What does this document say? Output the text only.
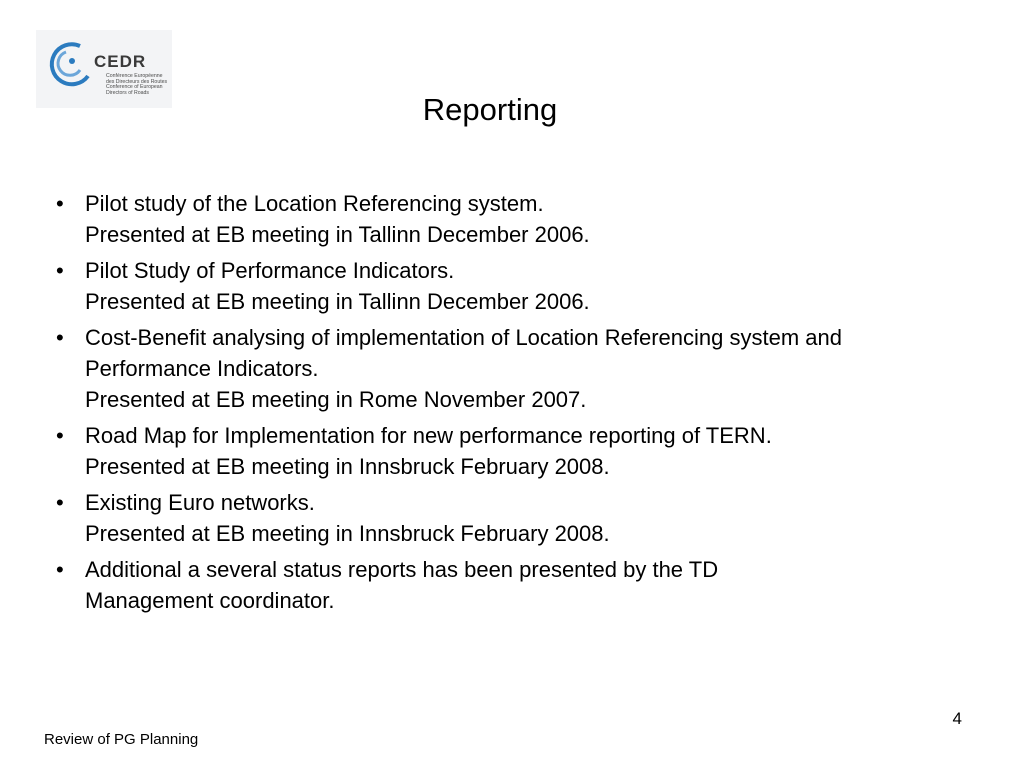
CEDR
Conférence Européenne
des Directeurs des Routes
Conference of European
Directors of Roads	Reporting
• Pilot study of the Location Referencing system.
Presented at EB meeting in Tallinn December 2006.
• Pilot Study of Performance Indicators.
Presented at EB meeting in Tallinn December 2006.
• Cost-Benefit analysing of implementation of Location Referencing system and
Performance Indicators.
Presented at EB meeting in Rome November 2007.
• Road Map for Implementation for new performance reporting of TERN.
Presented at EB meeting in Innsbruck February 2008.
• Existing Euro networks.
Presented at EB meeting in Innsbruck February 2008.
• Additional a several status reports has been presented by the TD
Management coordinator.
4
Review of PG Planning
